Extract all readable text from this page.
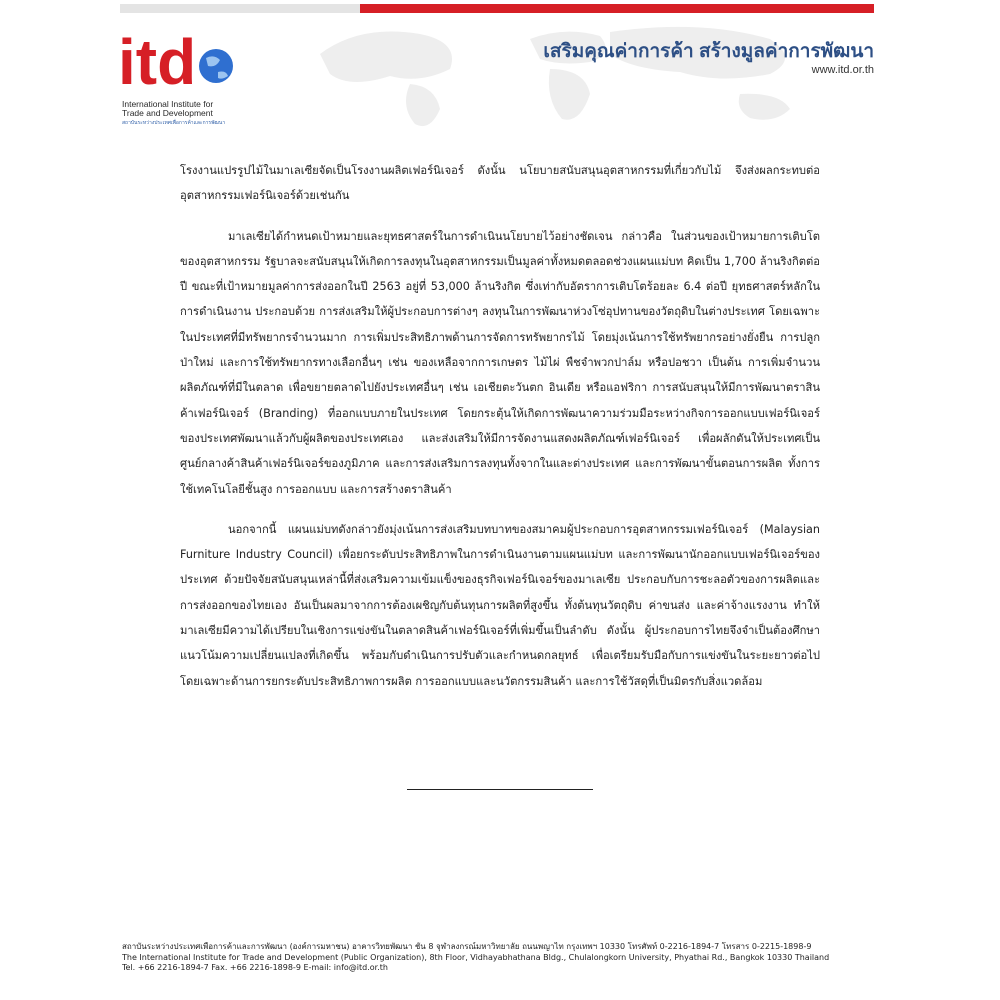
itd
International Institute for
Trade and Development
สถาบันระหว่างประเทศเพื่อการค้าและการพัฒนา
เสริมคุณค่าการค้า สร้างมูลค่าการพัฒนา
www.itd.or.th

โรงงานแปรรูปไม้ในมาเลเซียจัดเป็นโรงงานผลิตเฟอร์นิเจอร์ ดังนั้น นโยบายสนับสนุนอุตสาหกรรมที่เกี่ยวกับไม้ จึงส่งผลกระทบต่ออุตสาหกรรมเฟอร์นิเจอร์ด้วยเช่นกัน

มาเลเซียได้กำหนดเป้าหมายและยุทธศาสตร์ในการดำเนินนโยบายไว้อย่างชัดเจน กล่าวคือ ในส่วนของเป้าหมายการเติบโตของอุตสาหกรรม รัฐบาลจะสนับสนุนให้เกิดการลงทุนในอุตสาหกรรมเป็นมูลค่าทั้งหมดตลอดช่วงแผนแม่บท คิดเป็น 1,700 ล้านริงกิตต่อปี ขณะที่เป้าหมายมูลค่าการส่งออกในปี 2563 อยู่ที่ 53,000 ล้านริงกิต ซึ่งเท่ากับอัตราการเติบโตร้อยละ 6.4 ต่อปี ยุทธศาสตร์หลักในการดำเนินงาน ประกอบด้วย การส่งเสริมให้ผู้ประกอบการต่างๆ ลงทุนในการพัฒนาห่วงโซ่อุปทานของวัตถุดิบในต่างประเทศ โดยเฉพาะในประเทศที่มีทรัพยากรจำนวนมาก การเพิ่มประสิทธิภาพด้านการจัดการทรัพยากรไม้ โดยมุ่งเน้นการใช้ทรัพยากรอย่างยั่งยืน การปลูกป่าใหม่ และการใช้ทรัพยากรทางเลือกอื่นๆ เช่น ของเหลือจากการเกษตร ไม้ไผ่ พืชจำพวกปาล์ม หรือปอชวา เป็นต้น การเพิ่มจำนวนผลิตภัณฑ์ที่มีในตลาด เพื่อขยายตลาดไปยังประเทศอื่นๆ เช่น เอเชียตะวันตก อินเดีย หรือแอฟริกา การสนับสนุนให้มีการพัฒนาตราสินค้าเฟอร์นิเจอร์ (Branding) ที่ออกแบบภายในประเทศ โดยกระตุ้นให้เกิดการพัฒนาความร่วมมือระหว่างกิจการออกแบบเฟอร์นิเจอร์ของประเทศพัฒนาแล้วกับผู้ผลิตของประเทศเอง และส่งเสริมให้มีการจัดงานแสดงผลิตภัณฑ์เฟอร์นิเจอร์ เพื่อผลักดันให้ประเทศเป็นศูนย์กลางค้าสินค้าเฟอร์นิเจอร์ของภูมิภาค และการส่งเสริมการลงทุนทั้งจากในและต่างประเทศ และการพัฒนาขั้นตอนการผลิต ทั้งการใช้เทคโนโลยีชั้นสูง การออกแบบ และการสร้างตราสินค้า

นอกจากนี้ แผนแม่บทดังกล่าวยังมุ่งเน้นการส่งเสริมบทบาทของสมาคมผู้ประกอบการอุตสาหกรรมเฟอร์นิเจอร์ (Malaysian Furniture Industry Council) เพื่อยกระดับประสิทธิภาพในการดำเนินงานตามแผนแม่บท และการพัฒนานักออกแบบเฟอร์นิเจอร์ของประเทศ ด้วยปัจจัยสนับสนุนเหล่านี้ที่ส่งเสริมความเข้มแข็งของธุรกิจเฟอร์นิเจอร์ของมาเลเซีย ประกอบกับการชะลอตัวของการผลิตและการส่งออกของไทยเอง อันเป็นผลมาจากการต้องเผชิญกับต้นทุนการผลิตที่สูงขึ้น ทั้งต้นทุนวัตถุดิบ ค่าขนส่ง และค่าจ้างแรงงาน ทำให้มาเลเซียมีความได้เปรียบในเชิงการแข่งขันในตลาดสินค้าเฟอร์นิเจอร์ที่เพิ่มขึ้นเป็นลำดับ ดังนั้น ผู้ประกอบการไทยจึงจำเป็นต้องศึกษาแนวโน้มความเปลี่ยนแปลงที่เกิดขึ้น พร้อมกับดำเนินการปรับตัวและกำหนดกลยุทธ์ เพื่อเตรียมรับมือกับการแข่งขันในระยะยาวต่อไป โดยเฉพาะด้านการยกระดับประสิทธิภาพการผลิต การออกแบบและนวัตกรรมสินค้า และการใช้วัสดุที่เป็นมิตรกับสิ่งแวดล้อม

สถาบันระหว่างประเทศเพื่อการค้าและการพัฒนา (องค์การมหาชน) อาคารวิทยพัฒนา ชั้น 8 จุฬาลงกรณ์มหาวิทยาลัย ถนนพญาไท กรุงเทพฯ 10330 โทรศัพท์ 0-2216-1894-7 โทรสาร 0-2215-1898-9
The International Institute for Trade and Development (Public Organization), 8th Floor, Vidhayabhathana Bldg., Chulalongkorn University, Phyathai Rd., Bangkok 10330 Thailand
Tel. +66 2216-1894-7 Fax. +66 2216-1898-9 E-mail: info@itd.or.th
